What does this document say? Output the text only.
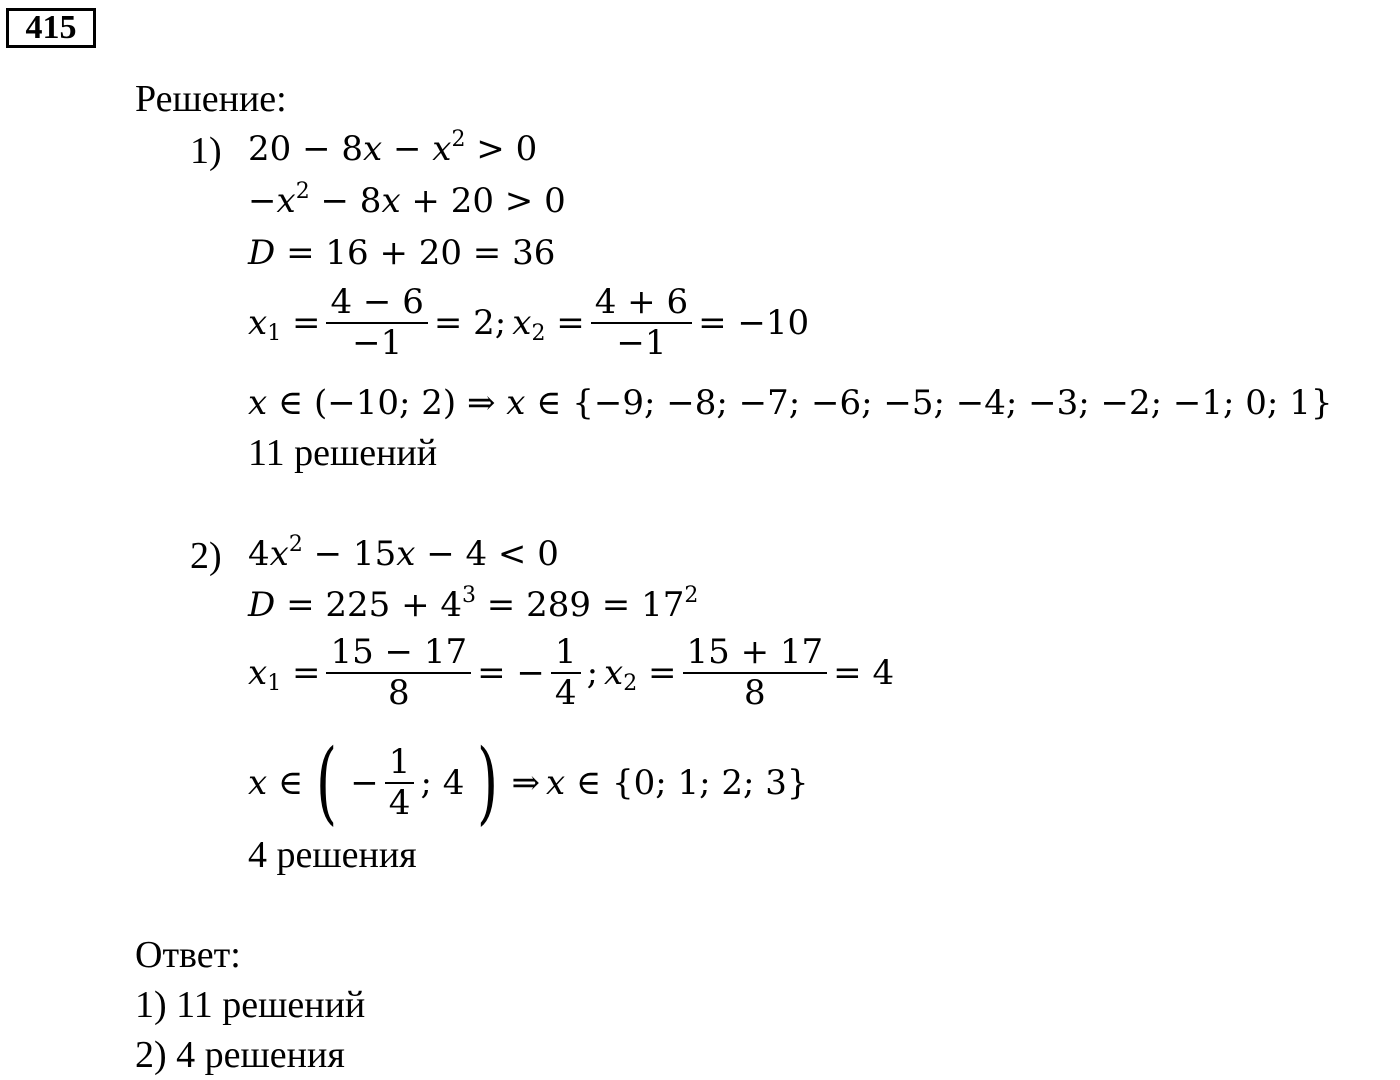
415
Решение:
1) $20 - 8x - x^2 > 0$
$-x^2 - 8x + 20 > 0$
D = 16 + 20 = 36
$x_1 = \frac{4 - 6}{-1} = 2$; $x_2 = \frac{4 + 6}{-1} = -10$
x ∈ (−10; 2) ⇒ x ∈ {−9; −8; −7; −6; −5; −4; −3; −2; −1; 0; 1}
11 решений
2) $4x^2 - 15x - 4 < 0$
$D = 225 + 4^3 = 289 = 17^2$
$x_1 = \frac{15 - 17}{8}$ = − $\frac{1}{4}$ ; $x_2 = \frac{15 + 17}{8} = 4$
x ∈ ( − $\frac{1}{4}$ ; 4 ) ⇒ x ∈ {0; 1; 2; 3}
4 решения
Ответ:
1) 11 решений
2) 4 решения
